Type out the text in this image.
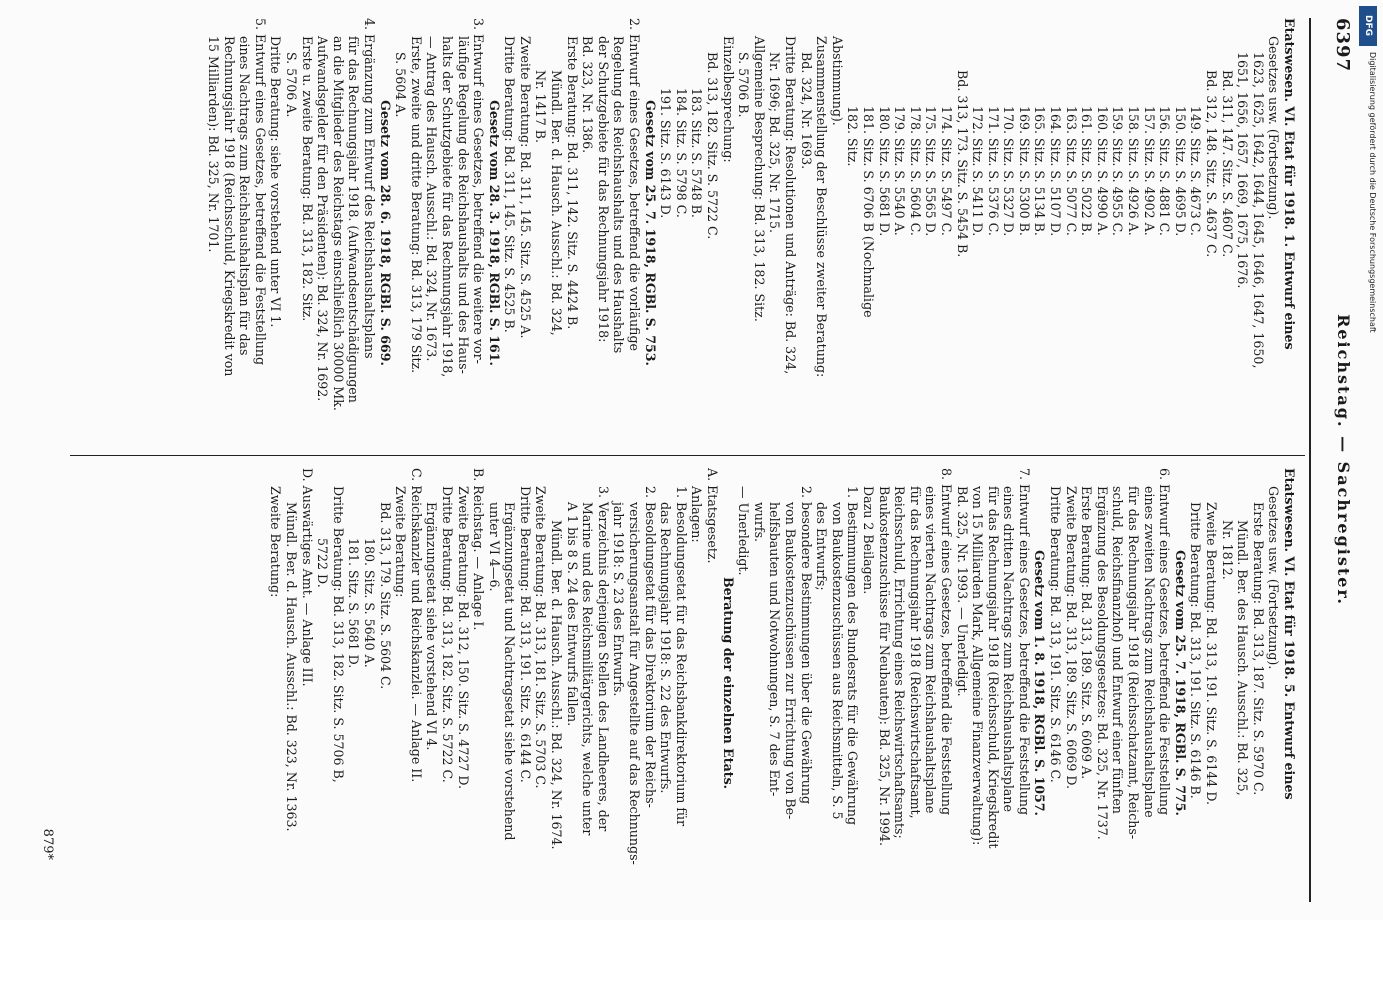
6397
Reichstag. — Sachregister.
Etatswesen. VI. Etat für 1918. 1. Entwurf eines
Gesetzes usw. (Fortsetzung).
1623, 1625, 1642, 1644, 1645, 1646, 1647, 1650,
1651, 1656, 1657, 1669, 1675, 1676.
Bd. 311, 147. Sitz. S. 4607 C.
Bd. 312, 148. Sitz. S. 4637 C.
149. Sitz. S. 4673 C.
150. Sitz. S. 4695 D.
156. Sitz. S. 4881 C.
157. Sitz. S. 4902 A.
158. Sitz. S. 4926 A.
159. Sitz. S. 4955 C.
160. Sitz. S. 4990 A.
161. Sitz. S. 5022 B.
163. Sitz. S. 5077 C.
164. Sitz. S. 5107 D.
165. Sitz. S. 5134 B.
169. Sitz. S. 5300 B.
170. Sitz. S. 5327 D.
171. Sitz. S. 5376 C.
172. Sitz. S. 5411 D.
Bd. 313, 173. Sitz. S. 5454 B.
174. Sitz. S. 5497 C.
175. Sitz. S. 5565 D.
178. Sitz. S. 5604 C.
179. Sitz. S. 5540 A.
180. Sitz. S. 5681 D.
181. Sitz. S. 6706 B (Nochmalige
182. Sitz.
Abstimmung).
Zusammenstellung der Beschlüsse zweiter Beratung:
Bd. 324, Nr. 1693.
Dritte Beratung: Resolutionen und Anträge: Bd. 324,
Nr. 1696; Bd. 325, Nr. 1715.
Allgemeine Besprechung: Bd. 313, 182. Sitz.
S. 5706 B.
Einzelbesprechung:
Bd. 313, 182. Sitz. S. 5722 C.
183. Sitz. S. 5748 B.
184. Sitz. S. 5798 C.
191. Sitz. S. 6143 D.
Gesetz vom 25. 7. 1918, RGBl. S. 753.
2. Entwurf eines Gesetzes, betreffend die vorläufige
Regelung des Reichshaushalts und des Haushalts
der Schutzgebiete für das Rechnungsjahr 1918:
Bd. 323, Nr. 1386.
Erste Beratung: Bd. 311, 142. Sitz. S. 4424 B.
Mündl. Ber. d. Hausch. Ausschl.: Bd. 324,
Nr. 1417 B.
Zweite Beratung: Bd. 311, 145. Sitz. S. 4525 A.
Dritte Beratung: Bd. 311, 145. Sitz. S. 4525 B.
Gesetz vom 28. 3. 1918, RGBl. S. 161.
3. Entwurf eines Gesetzes, betreffend die weitere vor-
läufige Regelung des Reichshaushalts und des Haus-
halts der Schutzgebiete für das Rechnungsjahr 1918,
— Antrag des Hausch. Ausschl.: Bd. 324, Nr. 1673.
Erste, zweite und dritte Beratung: Bd. 313, 179 Sitz.
S. 5604 A.
Gesetz vom 28. 6. 1918, RGBl. S. 669.
4. Ergänzung zum Entwurf des Reichshaushaltsplans
für das Rechnungsjahr 1918. (Aufwandsentschädigungen
an die Mitglieder des Reichstags einschließlich 30000 Mk.
Aufwandsgelder für den Präsidenten): Bd. 324, Nr. 1692.
Erste u. zweite Beratung: Bd. 313, 182. Sitz.
S. 5706 A.
Dritte Beratung: siehe vorstehend unter VI 1.
5. Entwurf eines Gesetzes, betreffend die Feststellung
eines Nachtrags zum Reichshaushaltsplan für das
Rechnungsjahr 1918 (Reichsschuld, Kriegskredit von
15 Milliarden): Bd. 325, Nr. 1701.
Etatswesen. VI. Etat für 1918. 5. Entwurf eines
Gesetzes usw. (Fortsetzung).
Erste Beratung: Bd. 313, 187. Sitz. S. 5970 C.
Mündl. Ber. des Hausch. Ausschl.: Bd. 325,
Nr. 1812.
Zweite Beratung: Bd. 313, 191. Sitz. S. 6144 D.
Dritte Beratung: Bd. 313, 191. Sitz. S. 6146 B.
Gesetz vom 25. 7. 1918, RGBl. S. 775.
6. Entwurf eines Gesetzes, betreffend die Feststellung
eines zweiten Nachtrags zum Reichshaushaltsplane
für das Rechnungsjahr 1918 (Reichsschatzamt, Reichs-
schuld, Reichsfinanzhof) und Entwurf einer fünften
Ergänzung des Besoldungsgesetzes: Bd. 325, Nr. 1737.
Erste Beratung: Bd. 313, 189. Sitz. S. 6069 A.
Zweite Beratung: Bd. 313, 189. Sitz. S. 6069 D.
Dritte Beratung: Bd. 313, 191. Sitz. S. 6146 C.
Gesetz vom 1. 8. 1918, RGBl. S. 1057.
7. Entwurf eines Gesetzes, betreffend die Feststellung
eines dritten Nachtrags zum Reichshaushaltsplane
für das Rechnungsjahr 1918 (Reichsschuld, Kriegskredit
von 15 Milliarden Mark, Allgemeine Finanzverwaltung):
Bd. 325, Nr. 1993. — Unerledigt.
8. Entwurf eines Gesetzes, betreffend die Feststellung
eines vierten Nachtrags zum Reichshaushaltsplane
für das Rechnungsjahr 1918 (Reichswirtschaftsamt,
Reichsschuld, Errichtung eines Reichswirtschaftsamts;
Baukostenzuschüsse für Neubauten): Bd. 325, Nr. 1994.
Dazu 2 Beilagen.
1. Bestimmungen des Bundesrats für die Gewährung
von Baukostenzuschüssen aus Reichsmitteln, S. 5
des Entwurfs;
2. besondere Bestimmungen über die Gewährung
von Baukostenzuschüssen zur Errichtung von Be-
helfsbauten und Notwohnungen, S. 7 des Ent-
wurfs.
— Unerledigt.
Beratung der einzelnen Etats.
A. Etatsgesetz.
Anlagen:
1. Besoldungsetat für das Reichsbankdirektorium für
das Rechnungsjahr 1918: S. 22 des Entwurfs.
2. Besoldungsetat für das Direktorium der Reichs-
versicherungsanstalt für Angestellte auf das Rechnungs-
jahr 1918: S. 23 des Entwurfs.
3. Verzeichnis derjenigen Stellen des Landheeres, der
Marine und des Reichsmilitärgerichts, welche unter
A 1 bis 8 S. 24 des Entwurfs fallen.
Mündl. Ber. d. Hausch. Ausschl.: Bd. 324, Nr. 1674.
Zweite Beratung: Bd. 313, 181. Sitz. S. 5703 C.
Dritte Beratung: Bd. 313, 191. Sitz. S. 6144 C.
Ergänzungsetat und Nachtragsetat siehe vorstehend
unter VI 4—6.
B. Reichstag. — Anlage I.
Zweite Beratung: Bd. 312, 150. Sitz. S. 4727 D.
Dritte Beratung: Bd. 313, 182. Sitz. S. 5722 C.
Ergänzungsetat siehe vorstehend VI 4.
C. Reichskanzler und Reichskanzlei. — Anlage II.
Zweite Beratung:
Bd. 313, 179. Sitz. S. 5604 C.
180. Sitz. S. 5640 A.
181. Sitz. S. 5681 D.
Dritte Beratung: Bd. 313, 182. Sitz. S. 5706 B,
5722 D.
D. Auswärtiges Amt. — Anlage III.
Mündl. Ber. d. Hausch. Ausschl.: Bd. 323, Nr. 1363.
Zweite Beratung:
879*
DFG
Digitalisierung gefördert durch die Deutsche Forschungsgemeinschaft
